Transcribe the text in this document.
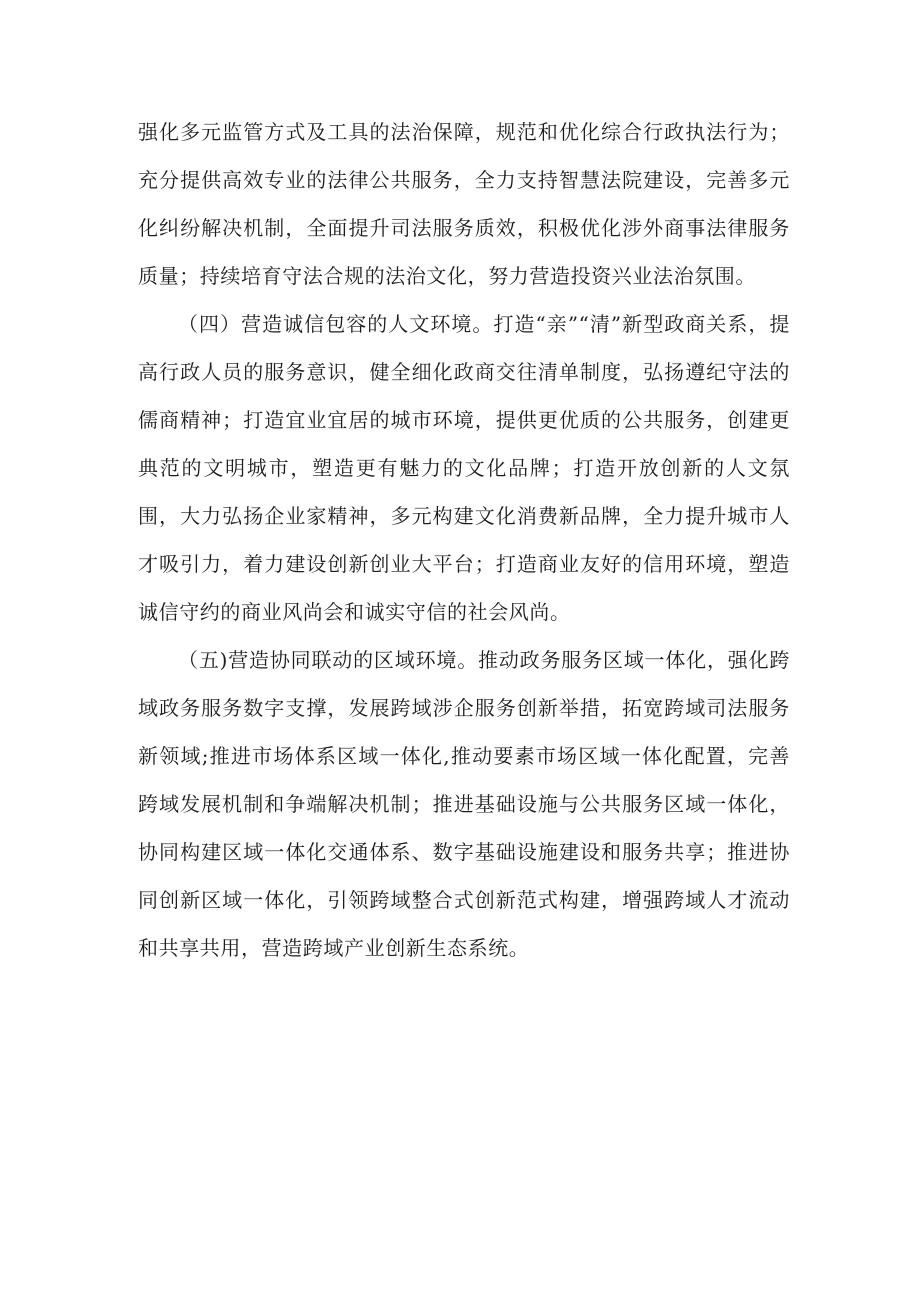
强化多元监管方式及工具的法治保障，规范和优化综合行政执法行为；充分提供高效专业的法律公共服务，全力支持智慧法院建设，完善多元化纠纷解决机制，全面提升司法服务质效，积极优化涉外商事法律服务质量；持续培育守法合规的法治文化，努力营造投资兴业法治氛围。

（四）营造诚信包容的人文环境。打造“亲”“清”新型政商关系，提高行政人员的服务意识，健全细化政商交往清单制度，弘扬遵纪守法的儒商精神；打造宜业宜居的城市环境，提供更优质的公共服务，创建更典范的文明城市，塑造更有魅力的文化品牌；打造开放创新的人文氛围，大力弘扬企业家精神，多元构建文化消费新品牌，全力提升城市人才吸引力，着力建设创新创业大平台；打造商业友好的信用环境，塑造诚信守约的商业风尚会和诚实守信的社会风尚。

（五)营造协同联动的区域环境。推动政务服务区域一体化，强化跨域政务服务数字支撑，发展跨域涉企服务创新举措，拓宽跨域司法服务新领域;推进市场体系区域一体化,推动要素市场区域一体化配置，完善跨域发展机制和争端解决机制；推进基础设施与公共服务区域一体化，协同构建区域一体化交通体系、数字基础设施建设和服务共享；推进协同创新区域一体化，引领跨域整合式创新范式构建，增强跨域人才流动和共享共用，营造跨域产业创新生态系统。
